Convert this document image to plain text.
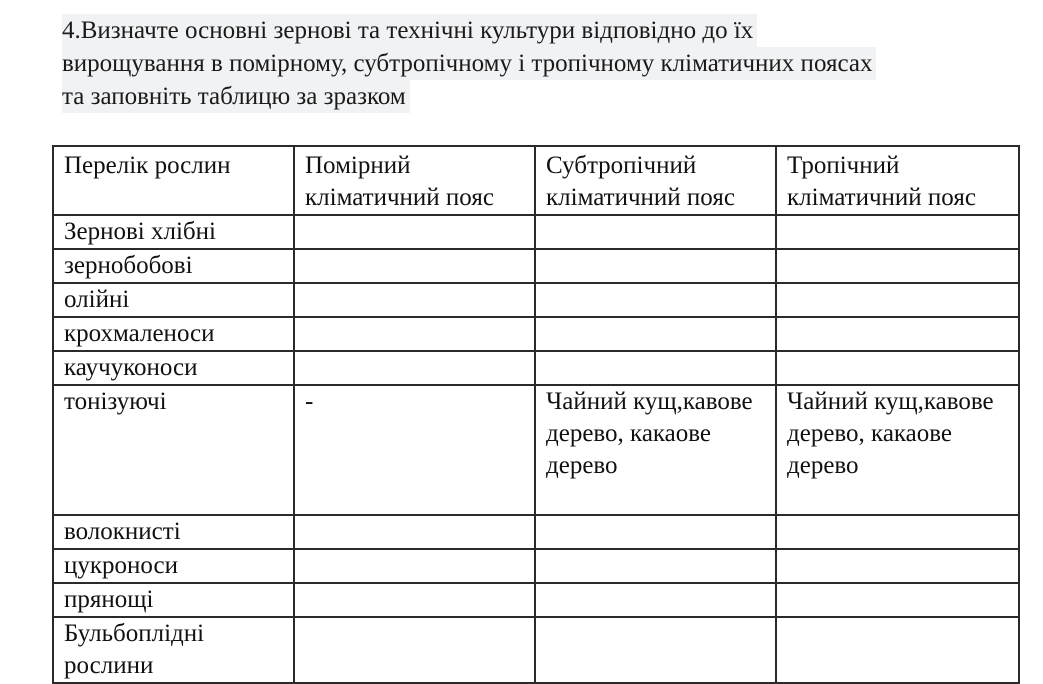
4.Визначте основні зернові та технічні культури відповідно до їх
вирощування в помірному, субтропічному і тропічному кліматичних поясах
та заповніть таблицю за зразком
Перелік рослин	Помірний кліматичний пояс	Субтропічний кліматичний пояс	Тропічний кліматичний пояс
Зернові хлібні			
зернобобові			
олійні			
крохмаленоси			
каучуконоси			
тонізуючі	-	Чайний кущ,кавове дерево, какаове дерево	Чайний кущ,кавове дерево, какаове дерево
волокнисті			
цукроноси			
прянощі			
Бульбоплідні рослини			
